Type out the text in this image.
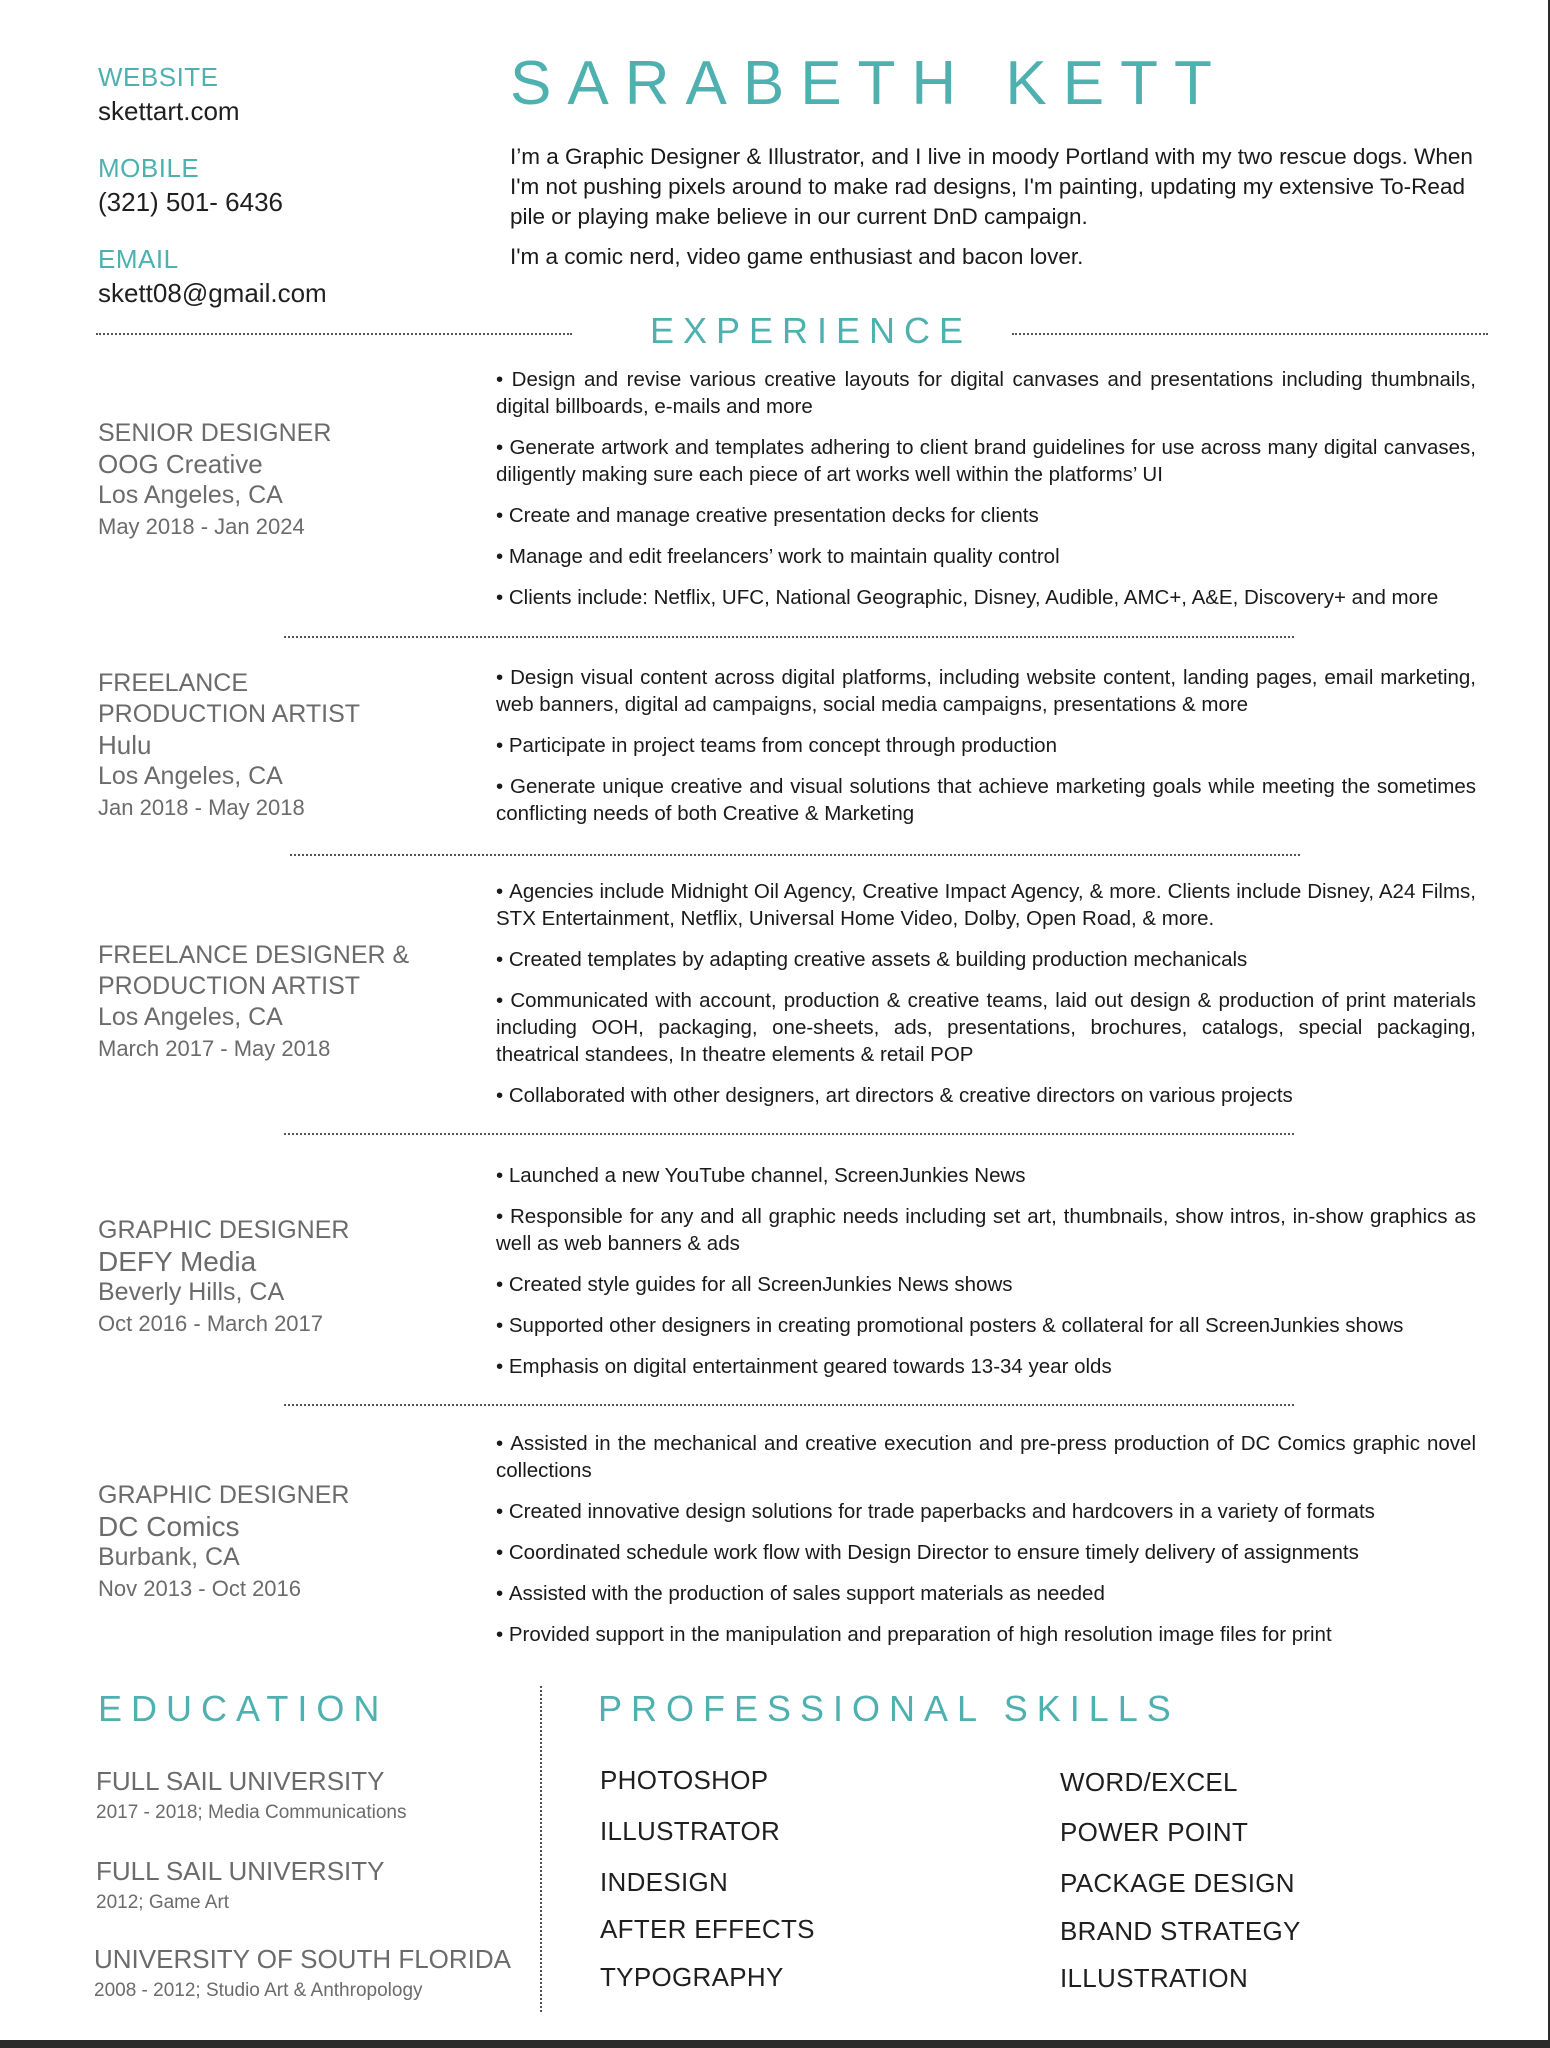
WEBSITE
skettart.com
MOBILE
(321) 501- 6436
EMAIL
skett08@gmail.com
SARABETH KETT

I’m a Graphic Designer & Illustrator, and I live in moody Portland with my two rescue dogs. When I'm not pushing pixels around to make rad designs, I'm painting, updating my extensive To-Read pile or playing make believe in our current DnD campaign.

I'm a comic nerd, video game enthusiast and bacon lover.

EXPERIENCE
SENIOR DESIGNER
OOG Creative
Los Angeles, CA
May 2018 - Jan 2024
• Design and revise various creative layouts for digital canvases and presentations including thumbnails, digital billboards, e-mails and more
• Generate artwork and templates adhering to client brand guidelines for use across many digital canvases, diligently making sure each piece of art works well within the platforms’ UI
• Create and manage creative presentation decks for clients
• Manage and edit freelancers’ work to maintain quality control
• Clients include: Netflix, UFC, National Geographic, Disney, Audible, AMC+, A&E, Discovery+ and more
FREELANCE
PRODUCTION ARTIST
Hulu
Los Angeles, CA
Jan 2018 - May 2018
• Design visual content across digital platforms, including website content, landing pages, email marketing, web banners, digital ad campaigns, social media campaigns, presentations & more
• Participate in project teams from concept through production
• Generate unique creative and visual solutions that achieve marketing goals while meeting the sometimes conflicting needs of both Creative & Marketing
FREELANCE DESIGNER &
PRODUCTION ARTIST
Los Angeles, CA
March 2017 - May 2018
• Agencies include Midnight Oil Agency, Creative Impact Agency, & more. Clients include Disney, A24 Films, STX Entertainment, Netflix, Universal Home Video, Dolby, Open Road, & more.
• Created templates by adapting creative assets & building production mechanicals
• Communicated with account, production & creative teams, laid out design & production of print materials including OOH, packaging, one-sheets, ads, presentations, brochures, catalogs, special packaging, theatrical standees, In theatre elements & retail POP
• Collaborated with other designers, art directors & creative directors on various projects
GRAPHIC DESIGNER
DEFY Media
Beverly Hills, CA
Oct 2016 - March 2017
• Launched a new YouTube channel, ScreenJunkies News
• Responsible for any and all graphic needs including set art, thumbnails, show intros, in-show graphics as well as web banners & ads
• Created style guides for all ScreenJunkies News shows
• Supported other designers in creating promotional posters & collateral for all ScreenJunkies shows
• Emphasis on digital entertainment geared towards 13-34 year olds
GRAPHIC DESIGNER
DC Comics
Burbank, CA
Nov 2013 - Oct 2016
• Assisted in the mechanical and creative execution and pre-press production of DC Comics graphic novel collections
• Created innovative design solutions for trade paperbacks and hardcovers in a variety of formats
• Coordinated schedule work flow with Design Director to ensure timely delivery of assignments
• Assisted with the production of sales support materials as needed
• Provided support in the manipulation and preparation of high resolution image files for print
EDUCATION
FULL SAIL UNIVERSITY
2017 - 2018; Media Communications
FULL SAIL UNIVERSITY
2012; Game Art
UNIVERSITY OF SOUTH FLORIDA
2008 - 2012; Studio Art & Anthropology
PROFESSIONAL SKILLS
PHOTOSHOP
ILLUSTRATOR
INDESIGN
AFTER EFFECTS
TYPOGRAPHY
WORD/EXCEL
POWER POINT
PACKAGE DESIGN
BRAND STRATEGY
ILLUSTRATION
